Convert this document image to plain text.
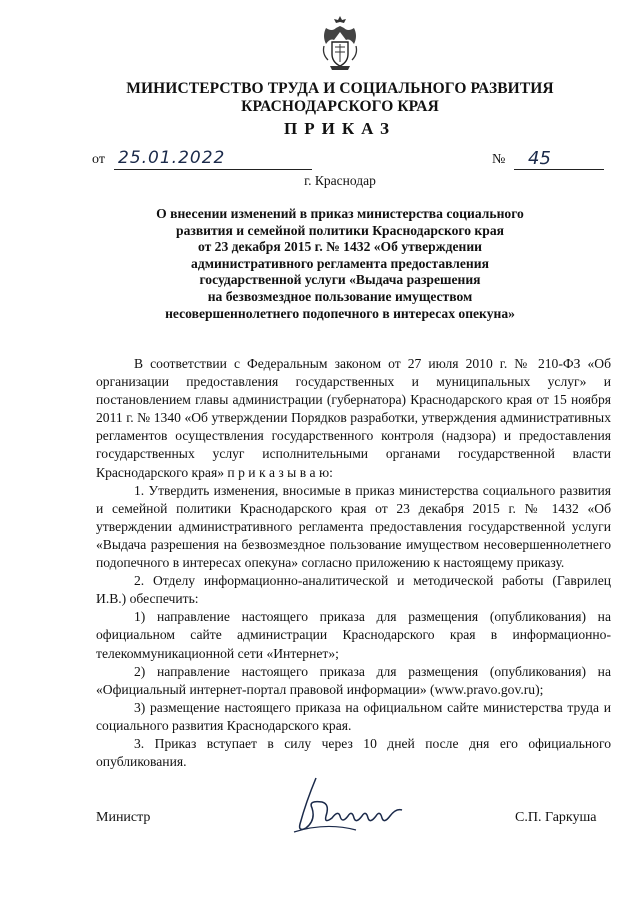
МИНИСТЕРСТВО ТРУДА И СОЦИАЛЬНОГО РАЗВИТИЯ
КРАСНОДАРСКОГО КРАЯ
ПРИКАЗ
от 25.01.2022	№ 45
г. Краснодар
О внесении изменений в приказ министерства социального
развития и семейной политики Краснодарского края
от 23 декабря 2015 г. № 1432 «Об утверждении
административного регламента предоставления
государственной услуги «Выдача разрешения
на безвозмездное пользование имуществом
несовершеннолетнего подопечного в интересах опекуна»

В соответствии с Федеральным законом от 27 июля 2010 г. № 210-ФЗ «Об организации предоставления государственных и муниципальных услуг» и постановлением главы администрации (губернатора) Краснодарского края от 15 ноября 2011 г. № 1340 «Об утверждении Порядков разработки, утверждения административных регламентов осуществления государственного контроля (надзора) и предоставления государственных услуг исполнительными органами государственной власти Краснодарского края» п р и к а з ы в а ю:

1. Утвердить изменения, вносимые в приказ министерства социального развития и семейной политики Краснодарского края от 23 декабря 2015 г. № 1432 «Об утверждении административного регламента предоставления государственной услуги «Выдача разрешения на безвозмездное пользование имуществом несовершеннолетнего подопечного в интересах опекуна» согласно приложению к настоящему приказу.

2. Отделу информационно-аналитической и методической работы (Гаврилец И.В.) обеспечить:

1) направление настоящего приказа для размещения (опубликования) на официальном сайте администрации Краснодарского края в информационно-телекоммуникационной сети «Интернет»;

2) направление настоящего приказа для размещения (опубликования) на «Официальный интернет-портал правовой информации» (www.pravo.gov.ru);

3) размещение настоящего приказа на официальном сайте министерства труда и социального развития Краснодарского края.

3. Приказ вступает в силу через 10 дней после дня его официального опубликования.

Министр	С.П. Гаркуша
